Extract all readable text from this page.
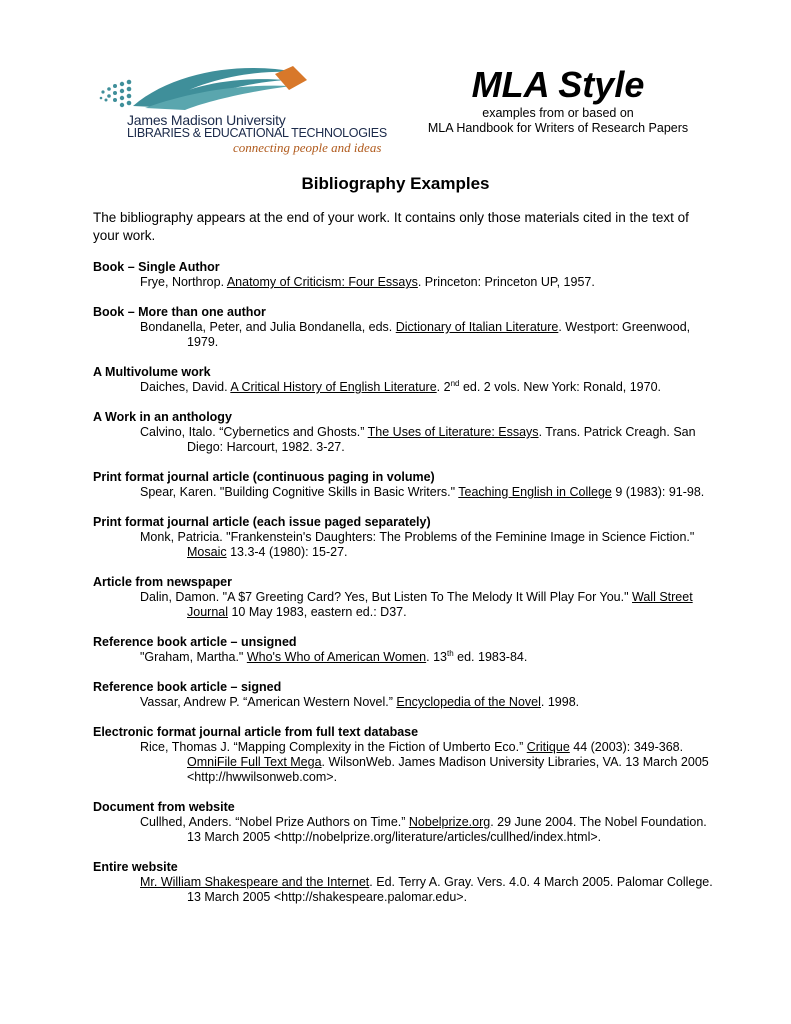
James Madison University
LIBRARIES & EDUCATIONAL TECHNOLOGIES
connecting people and ideas
MLA Style
examples from or based on
MLA Handbook for Writers of Research Papers
Bibliography Examples
The bibliography appears at the end of your work. It contains only those materials cited in the text of your work.
Book – Single Author
Frye, Northrop. Anatomy of Criticism: Four Essays. Princeton: Princeton UP, 1957.
Book – More than one author
Bondanella, Peter, and Julia Bondanella, eds. Dictionary of Italian Literature. Westport: Greenwood, 1979.
A Multivolume work
Daiches, David. A Critical History of English Literature. 2nd ed. 2 vols. New York: Ronald, 1970.
A Work in an anthology
Calvino, Italo. “Cybernetics and Ghosts.” The Uses of Literature: Essays. Trans. Patrick Creagh. San Diego: Harcourt, 1982. 3-27.
Print format journal article (continuous paging in volume)
Spear, Karen. "Building Cognitive Skills in Basic Writers." Teaching English in College 9 (1983): 91-98.
Print format journal article (each issue paged separately)
Monk, Patricia. "Frankenstein's Daughters: The Problems of the Feminine Image in Science Fiction." Mosaic 13.3-4 (1980): 15-27.
Article from newspaper
Dalin, Damon. "A $7 Greeting Card? Yes, But Listen To The Melody It Will Play For You." Wall Street Journal 10 May 1983, eastern ed.: D37.
Reference book article – unsigned
"Graham, Martha." Who's Who of American Women. 13th ed. 1983-84.
Reference book article – signed
Vassar, Andrew P. “American Western Novel.” Encyclopedia of the Novel. 1998.
Electronic format journal article from full text database
Rice, Thomas J. “Mapping Complexity in the Fiction of Umberto Eco.” Critique 44 (2003): 349-368. OmniFile Full Text Mega. WilsonWeb. James Madison University Libraries, VA. 13 March 2005 <http://hwwilsonweb.com>.
Document from website
Cullhed, Anders. “Nobel Prize Authors on Time.” Nobelprize.org. 29 June 2004. The Nobel Foundation. 13 March 2005 <http://nobelprize.org/literature/articles/cullhed/index.html>.
Entire website
Mr. William Shakespeare and the Internet. Ed. Terry A. Gray. Vers. 4.0. 4 March 2005. Palomar College. 13 March 2005 <http://shakespeare.palomar.edu>.
